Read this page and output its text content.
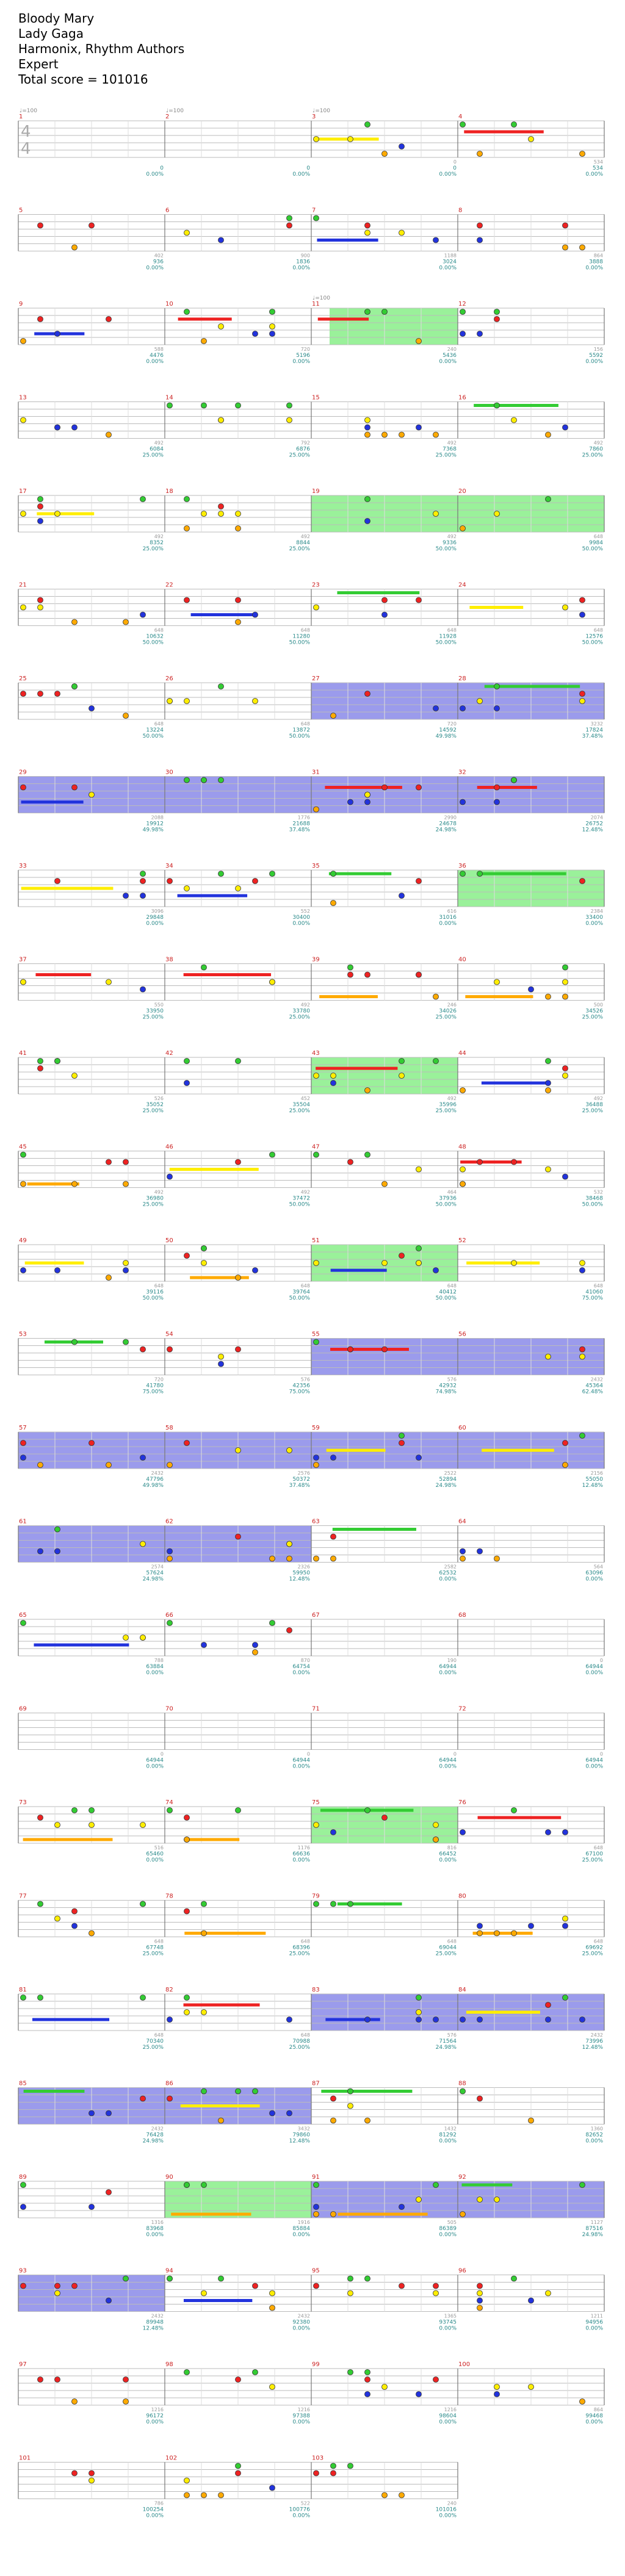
Bloody Mary
Lady Gaga
Harmonix, Rhythm Authors
Expert
Total score = 101016
1
0
0.00%
2
0
0.00%
3
0
0
0.00%
4
534
534
0.00%
5
402
936
0.00%
6
900
1836
0.00%
7
1188
3024
0.00%
8
864
3888
0.00%
9
588
4476
0.00%
10
720
5196
0.00%
11
240
5436
0.00%
12
156
5592
0.00%
13
492
6084
25.00%
14
792
6876
25.00%
15
492
7368
25.00%
16
492
7860
25.00%
17
492
8352
25.00%
18
492
8844
25.00%
19
492
9336
50.00%
20
648
9984
50.00%
21
648
10632
50.00%
22
648
11280
50.00%
23
648
11928
50.00%
24
648
12576
50.00%
25
648
13224
50.00%
26
648
13872
50.00%
27
720
14592
49.98%
28
3232
17824
37.48%
29
2088
19912
49.98%
30
1776
21688
37.48%
31
2990
24678
24.98%
32
2074
26752
12.48%
33
3096
29848
0.00%
34
552
30400
0.00%
35
616
31016
0.00%
36
2384
33400
0.00%
37
550
33950
25.00%
38
492
33780
25.00%
39
246
34026
25.00%
40
500
34526
25.00%
41
526
35052
25.00%
42
452
35504
25.00%
43
492
35996
25.00%
44
492
36488
25.00%
45
492
36980
25.00%
46
492
37472
50.00%
47
464
37936
50.00%
48
532
38468
50.00%
49
648
39116
50.00%
50
648
39764
50.00%
51
648
40412
50.00%
52
648
41060
75.00%
53
720
41780
75.00%
54
576
42356
75.00%
55
576
42932
74.98%
56
2432
45364
62.48%
57
2432
47796
49.98%
58
2576
50372
37.48%
59
2522
52894
24.98%
60
2156
55050
12.48%
61
2574
57624
24.98%
62
2326
59950
12.48%
63
2582
62532
0.00%
64
564
63096
0.00%
65
788
63884
0.00%
66
870
64754
0.00%
67
190
64944
0.00%
68
0
64944
0.00%
69
0
64944
0.00%
70
0
64944
0.00%
71
0
64944
0.00%
72
0
64944
0.00%
73
516
65460
0.00%
74
1176
66636
0.00%
75
816
66452
0.00%
76
648
67100
25.00%
77
648
67748
25.00%
78
648
68396
25.00%
79
648
69044
25.00%
80
648
69692
25.00%
81
648
70340
25.00%
82
648
70988
25.00%
83
576
71564
24.98%
84
2432
73996
12.48%
85
2432
76428
24.98%
86
3432
79860
12.48%
87
1432
81292
0.00%
88
1360
82652
0.00%
89
1316
83968
0.00%
90
1916
85884
0.00%
91
505
86389
0.00%
92
1127
87516
24.98%
93
2432
89948
12.48%
94
2432
92380
0.00%
95
1365
93745
0.00%
96
1211
94956
0.00%
97
1216
96172
0.00%
98
1216
97388
0.00%
99
1216
98604
0.00%
100
864
99468
0.00%
101
786
100254
0.00%
102
522
100776
0.00%
103
240
101016
0.00%
4
4
♩=100	♩=100	♩=100
♩=100
